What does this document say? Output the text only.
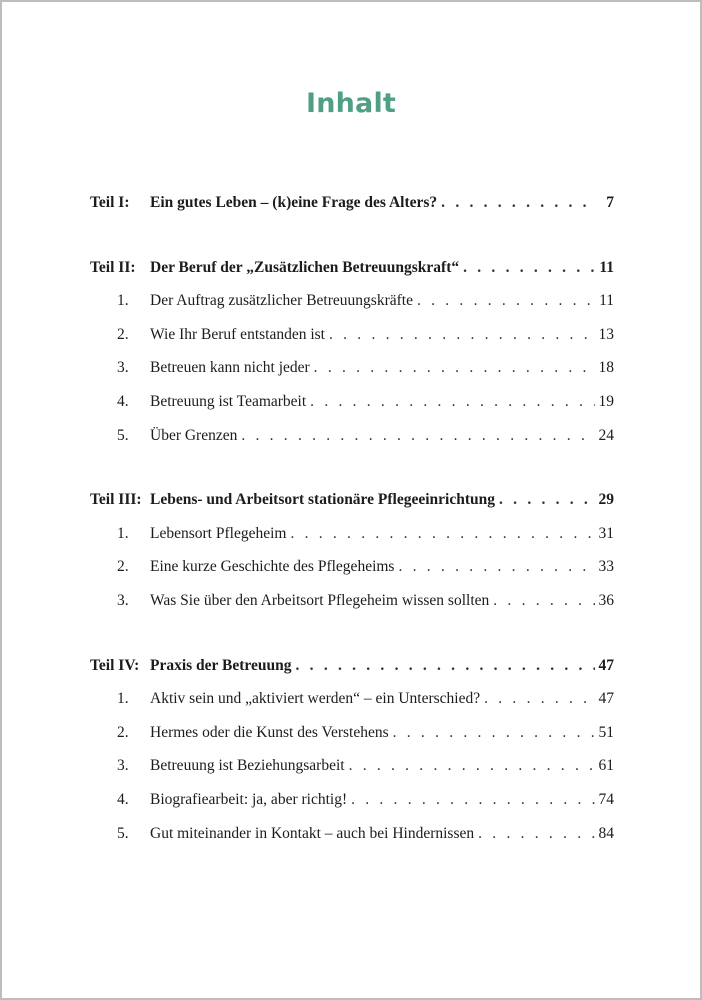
Inhalt
Teil I:	Ein gutes Leben – (k)eine Frage des Alters? . . .	7
Teil II: Der Beruf der „Zusätzlichen Betreuungskraft“ . . .	11
1.	Der Auftrag zusätzlicher Betreuungskräfte . . .	11
2.	Wie Ihr Beruf entstanden ist . . .	13
3.	Betreuen kann nicht jeder . . .	18
4.	Betreuung ist Teamarbeit . . .	19
5.	Über Grenzen . . .	24
Teil III: Lebens- und Arbeitsort stationäre Pflegeeinrichtung . . .	29
1.	Lebensort Pflegeheim . . .	31
2.	Eine kurze Geschichte des Pflegeheims . . .	33
3.	Was Sie über den Arbeitsort Pflegeheim wissen sollten . . .	36
Teil IV: Praxis der Betreuung . . .	47
1.	Aktiv sein und „aktiviert werden“ – ein Unterschied? . . .	47
2.	Hermes oder die Kunst des Verstehens . . .	51
3.	Betreuung ist Beziehungsarbeit . . .	61
4.	Biografiearbeit: ja, aber richtig! . . .	74
5.	Gut miteinander in Kontakt – auch bei Hindernissen . . .	84
